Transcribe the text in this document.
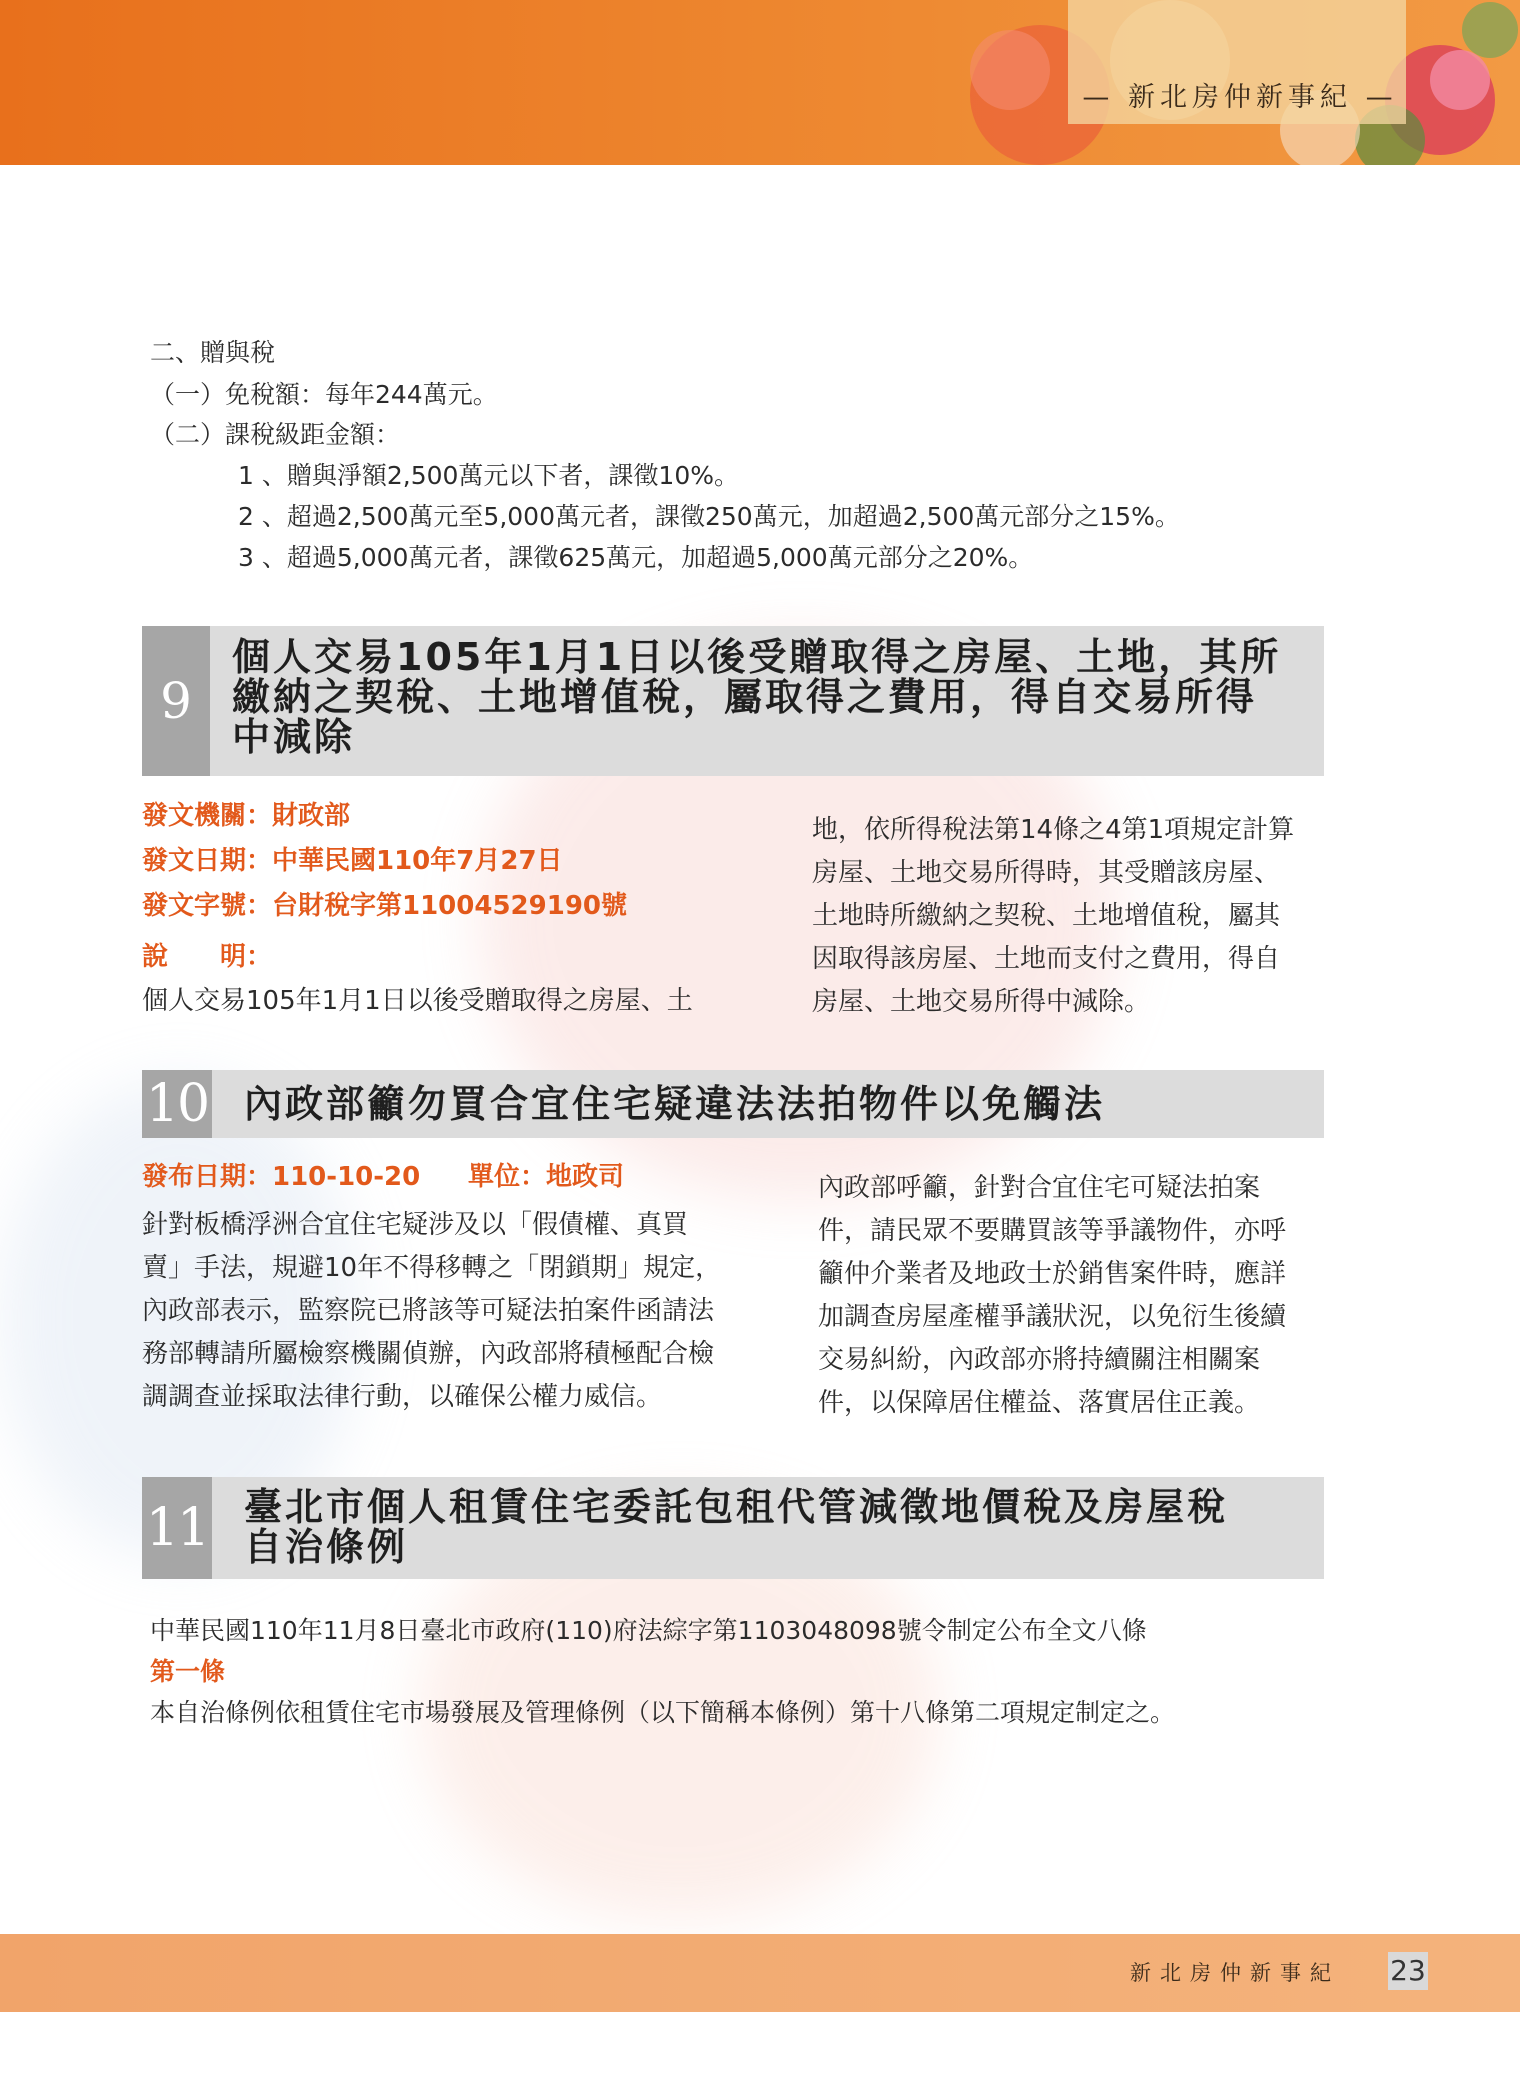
— 新北房仲新事紀 —
二、贈與稅
（一）免稅額：每年244萬元。
（二）課稅級距金額：
1 、贈與淨額2,500萬元以下者，課徵10%。
2 、超過2,500萬元至5,000萬元者，課徵250萬元，加超過2,500萬元部分之15%。
3 、超過5,000萬元者，課徵625萬元，加超過5,000萬元部分之20%。
9
個人交易105年1月1日以後受贈取得之房屋、土地，其所
繳納之契稅、土地增值稅，屬取得之費用，得自交易所得
中減除
發文機關：財政部
發文日期：中華民國110年7月27日
發文字號：台財稅字第11004529190號
說　　明：
個人交易105年1月1日以後受贈取得之房屋、土
地，依所得稅法第14條之4第1項規定計算
房屋、土地交易所得時，其受贈該房屋、
土地時所繳納之契稅、土地增值稅，屬其
因取得該房屋、土地而支付之費用，得自
房屋、土地交易所得中減除。
10 內政部籲勿買合宜住宅疑違法法拍物件以免觸法
發布日期：110-10-20 單位：地政司
針對板橋浮洲合宜住宅疑涉及以「假債權、真買
賣」手法，規避10年不得移轉之「閉鎖期」規定，
內政部表示，監察院已將該等可疑法拍案件函請法
務部轉請所屬檢察機關偵辦，內政部將積極配合檢
調調查並採取法律行動，以確保公權力威信。
內政部呼籲，針對合宜住宅可疑法拍案
件，請民眾不要購買該等爭議物件，亦呼
籲仲介業者及地政士於銷售案件時，應詳
加調查房屋產權爭議狀況，以免衍生後續
交易糾紛，內政部亦將持續關注相關案
件，以保障居住權益、落實居住正義。
11 臺北市個人租賃住宅委託包租代管減徵地價稅及房屋稅
自治條例
中華民國110年11月8日臺北市政府(110)府法綜字第1103048098號令制定公布全文八條
第一條
本自治條例依租賃住宅市場發展及管理條例（以下簡稱本條例）第十八條第二項規定制定之。
新北房仲新事紀	23
